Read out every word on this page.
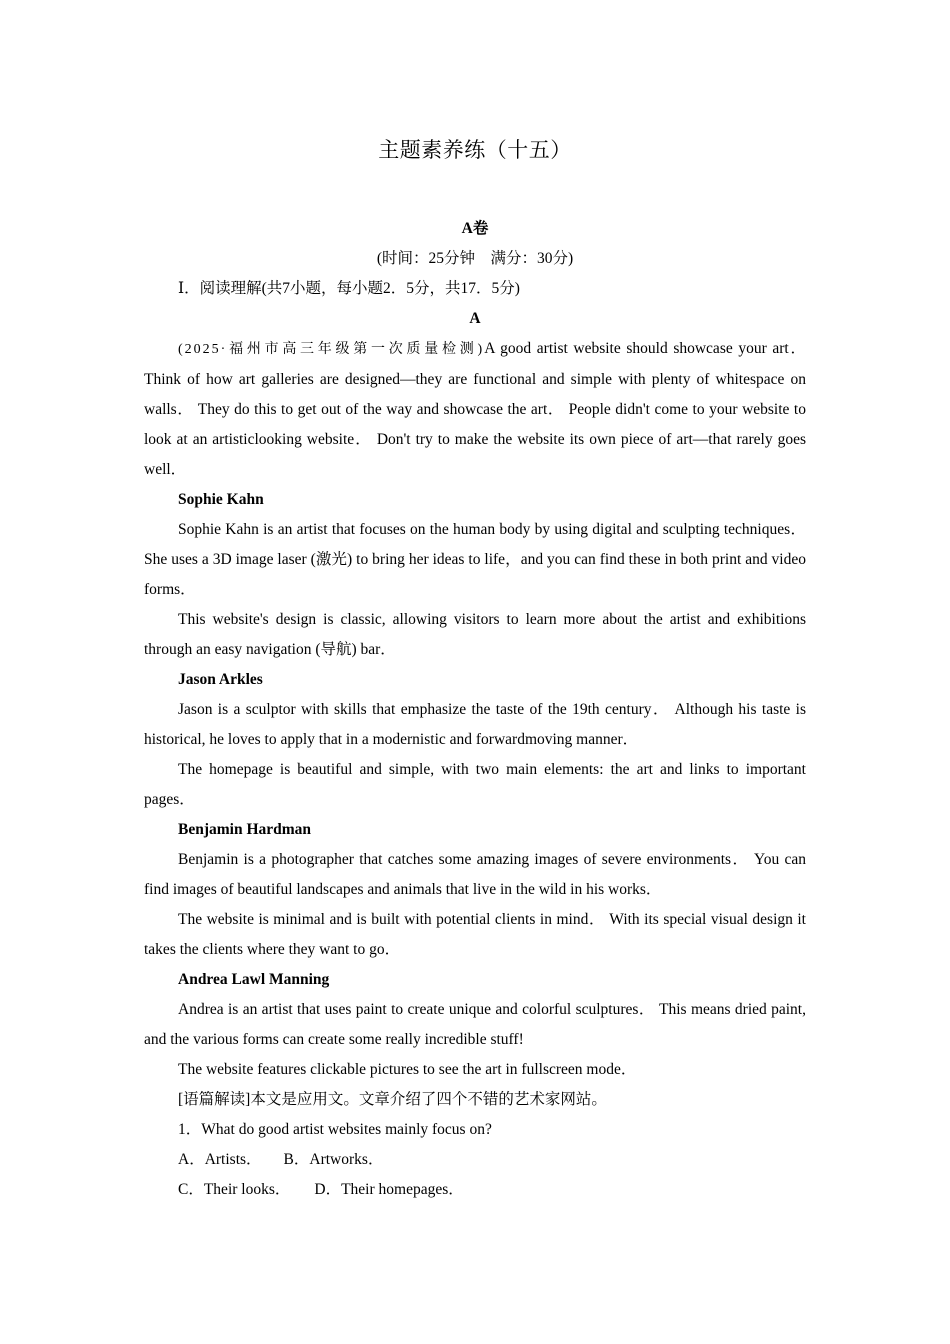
主题素养练（十五）
A卷
(时间：25分钟　满分：30分)
Ⅰ．阅读理解(共7小题，每小题2．5分，共17．5分)
A

(2025·福州市高三年级第一次质量检测)A good artist website should showcase your art． Think of how art galleries are designed—they are functional and simple with plenty of whitespace on walls． They do this to get out of the way and showcase the art． People didn't come to your website to look at an artisticlooking website． Don't try to make the website its own piece of art—that rarely goes well．

Sophie Kahn

Sophie Kahn is an artist that focuses on the human body by using digital and sculpting techniques． She uses a 3D image laser (激光) to bring her ideas to life，and you can find these in both print and video forms．

This website's design is classic, allowing visitors to learn more about the artist and exhibitions through an easy navigation (导航) bar．

Jason Arkles

Jason is a sculptor with skills that emphasize the taste of the 19th century． Although his taste is historical, he loves to apply that in a modernistic and forwardmoving manner．

The homepage is beautiful and simple, with two main elements: the art and links to important pages．

Benjamin Hardman

Benjamin is a photographer that catches some amazing images of severe environments． You can find images of beautiful landscapes and animals that live in the wild in his works．

The website is minimal and is built with potential clients in mind． With its special visual design it takes the clients where they want to go．

Andrea Lawl Manning

Andrea is an artist that uses paint to create unique and colorful sculptures． This means dried paint, and the various forms can create some really incredible stuff!

The website features clickable pictures to see the art in fullscreen mode．

[语篇解读]本文是应用文。文章介绍了四个不错的艺术家网站。
1．What do good artist websites mainly focus on?
A．Artists． B．Artworks．
C．Their looks． D．Their homepages．
